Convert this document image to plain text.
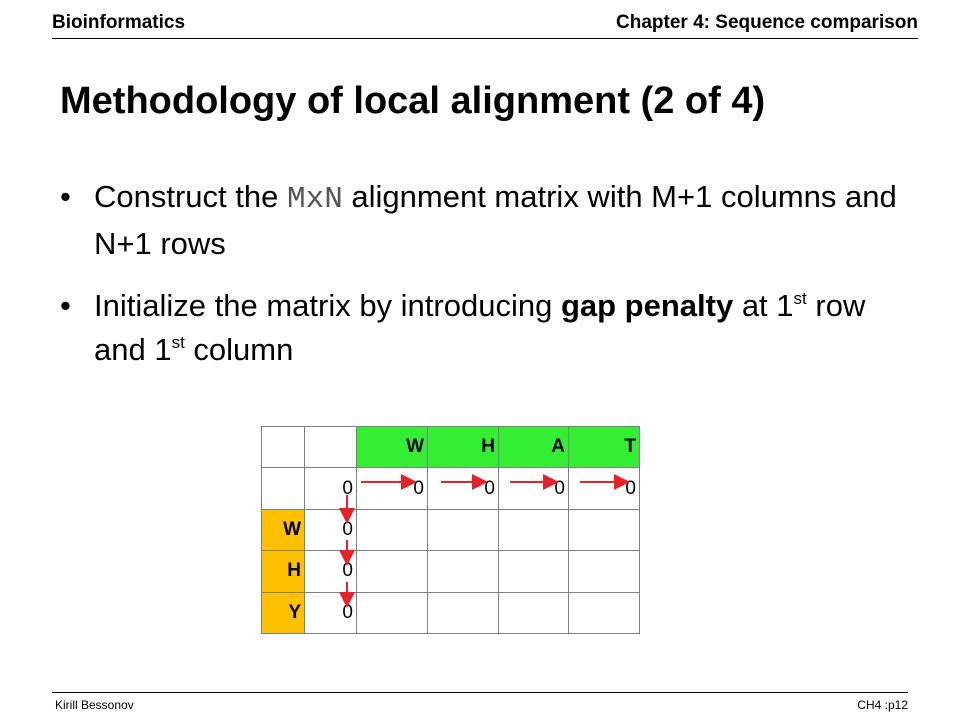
Bioinformatics	Chapter 4: Sequence comparison
Methodology of local alignment (2 of 4)
• Construct the MxN alignment matrix with M+1 columns and N+1 rows
• Initialize the matrix by introducing gap penalty at 1st row and 1st column
		W	H	A	T
	0	0	0	0	0
W	0				
H	0				
Y	0				
Kirill Bessonov	CH4 :p12
